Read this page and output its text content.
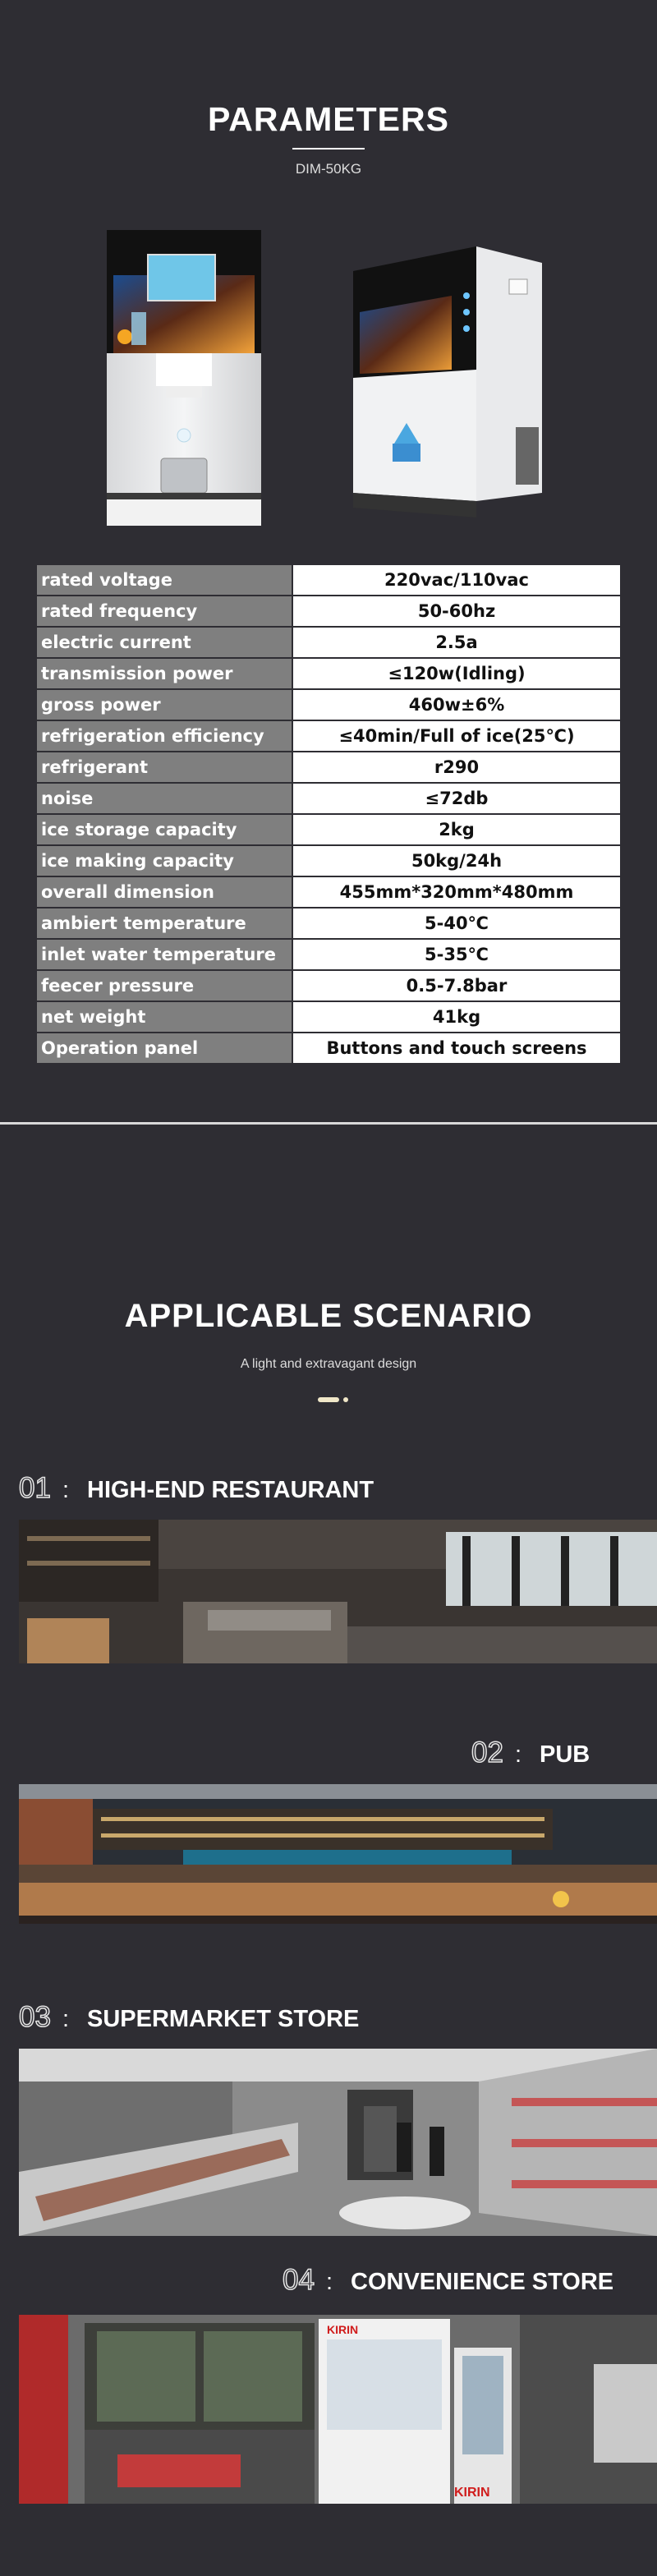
PARAMETERS
DIM-50KG
rated voltage	220vac/110vac
rated frequency	50-60hz
electric current	2.5a
transmission power	≤120w(Idling)
gross power	460w±6%
refrigeration efficiency	≤40min/Full of ice(25℃)
refrigerant	r290
noise	≤72db
ice storage capacity	2kg
ice making capacity	50kg/24h
overall dimension	455mm*320mm*480mm
ambiert temperature	5-40℃
inlet water temperature	5-35℃
feecer pressure	0.5-7.8bar
net weight	41kg
Operation panel	Buttons and touch screens
APPLICABLE SCENARIO
A light and extravagant design
01 : HIGH-END RESTAURANT
02 : PUB
03 : SUPERMARKET STORE
04 : CONVENIENCE STORE
KIRIN
KIRIN
